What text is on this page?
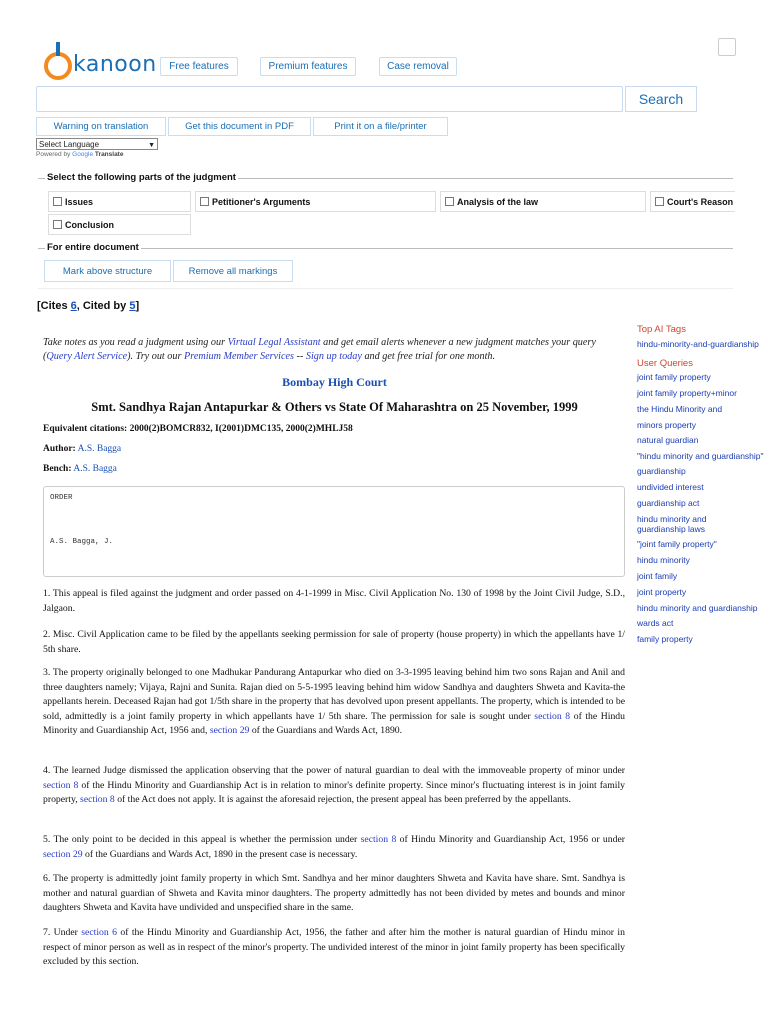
kanoon	Free features	Premium features	Case removal
Search
Warning on translation	Get this document in PDF	Print it on a file/printer
Select Language	▼
Powered by Google Translate
Select the following parts of the judgment
Issues	Petitioner's Arguments	Analysis of the law	Court's Reason
Conclusion
For entire document
Mark above structure	Remove all markings
[Cites 6, Cited by 5]
Take notes as you read a judgment using our Virtual Legal Assistant and get email alerts whenever a new judgment matches your query (Query Alert Service). Try out our Premium Member Services -- Sign up today and get free trial for one month.
Bombay High Court
Smt. Sandhya Rajan Antapurkar & Others vs State Of Maharashtra on 25 November, 1999
Equivalent citations: 2000(2)BOMCR832, I(2001)DMC135, 2000(2)MHLJ58
Author: A.S. Bagga
Bench: A.S. Bagga
ORDER
A.S. Bagga, J.
1. This appeal is filed against the judgment and order passed on 4-1-1999 in Misc. Civil Application No. 130 of 1998 by the Joint Civil Judge, S.D., Jalgaon.
2. Misc. Civil Application came to be filed by the appellants seeking permission for sale of property (house property) in which the appellants have 1/ 5th share.
3. The property originally belonged to one Madhukar Pandurang Antapurkar who died on 3-3-1995 leaving behind him two sons Rajan and Anil and three daughters namely; Vijaya, Rajni and Sunita. Rajan died on 5-5-1995 leaving behind him widow Sandhya and daughters Shweta and Kavita-the appellants herein. Deceased Rajan had got 1/5th share in the property that has devolved upon present appellants. The property, which is intended to be sold, admittedly is a joint family property in which appellants have 1/ 5th share. The permission for sale is sought under section 8 of the Hindu Minority and Guardianship Act, 1956 and, section 29 of the Guardians and Wards Act, 1890.
4. The learned Judge dismissed the application observing that the power of natural guardian to deal with the immoveable property of minor under section 8 of the Hindu Minority and Guardianship Act is in relation to minor's definite property. Since minor's fluctuating interest is in joint family property, section 8 of the Act does not apply. It is against the aforesaid rejection, the present appeal has been preferred by the appellants.
5. The only point to be decided in this appeal is whether the permission under section 8 of Hindu Minority and Guardianship Act, 1956 or under section 29 of the Guardians and Wards Act, 1890 in the present case is necessary.
6. The property is admittedly joint family property in which Smt. Sandhya and her minor daughters Shweta and Kavita have share. Smt. Sandhya is mother and natural guardian of Shweta and Kavita minor daughters. The property admittedly has not been divided by metes and bounds and minor daughters Shweta and Kavita have undivided and unspecified share in the same.
7. Under section 6 of the Hindu Minority and Guardianship Act, 1956, the father and after him the mother is natural guardian of Hindu minor in respect of minor person as well as in respect of the minor's property. The undivided interest of the minor in joint family property has been specifically excluded by this section.
Top AI Tags
hindu-minority-and-guardianship
User Queries
joint family property
joint family property+minor
the Hindu Minority and
minors property
natural guardian
"hindu minority and guardianship"
guardianship
undivided interest
guardianship act
hindu minority and guardianship laws
"joint family property"
hindu minority
joint family
joint property
hindu minority and guardianship
wards act
family property
